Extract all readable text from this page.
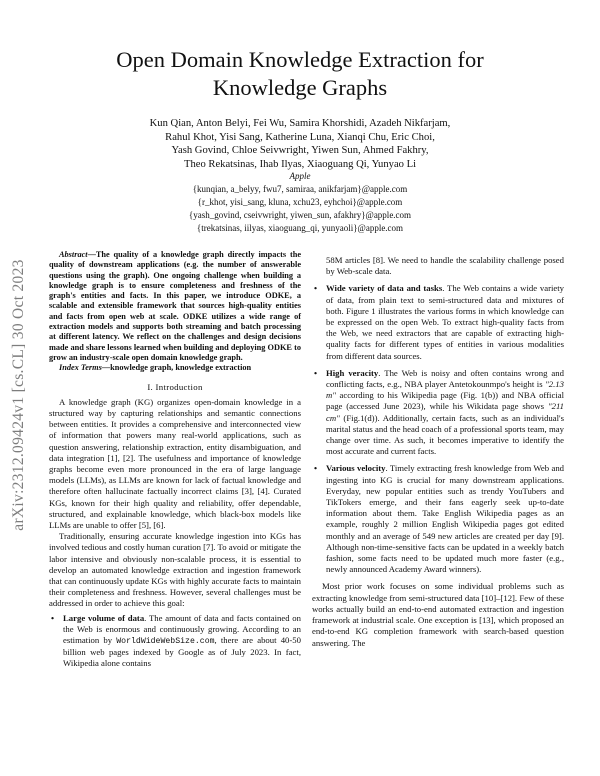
arXiv:2312.09424v1 [cs.CL] 30 Oct 2023
Open Domain Knowledge Extraction for
Knowledge Graphs
Kun Qian, Anton Belyi, Fei Wu, Samira Khorshidi, Azadeh Nikfarjam,
Rahul Khot, Yisi Sang, Katherine Luna, Xianqi Chu, Eric Choi,
Yash Govind, Chloe Seivwright, Yiwen Sun, Ahmed Fakhry,
Theo Rekatsinas, Ihab Ilyas, Xiaoguang Qi, Yunyao Li
Apple
{kunqian, a_belyy, fwu7, samiraa, anikfarjam}@apple.com
{r_khot, yisi_sang, kluna, xchu23, eyhchoi}@apple.com
{yash_govind, cseivwright, yiwen_sun, afakhry}@apple.com
{trekatsinas, iilyas, xiaoguang_qi, yunyaoli}@apple.com

Abstract—The quality of a knowledge graph directly impacts the quality of downstream applications (e.g. the number of answerable questions using the graph). One ongoing challenge when building a knowledge graph is to ensure completeness and freshness of the graph's entities and facts. In this paper, we introduce ODKE, a scalable and extensible framework that sources high-quality entities and facts from open web at scale. ODKE utilizes a wide range of extraction models and supports both streaming and batch processing at different latency. We reflect on the challenges and design decisions made and share lessons learned when building and deploying ODKE to grow an industry-scale open domain knowledge graph.

Index Terms—knowledge graph, knowledge extraction

I. Introduction

A knowledge graph (KG) organizes open-domain knowledge in a structured way by capturing relationships and semantic connections between entities. It provides a comprehensive and interconnected view of information that powers many real-world applications, such as question answering, relationship extraction, entity disambiguation, and data integration [1], [2]. The usefulness and importance of knowledge graphs become even more pronounced in the era of large language models (LLMs), as LLMs are known for lack of factual knowledge and therefore often hallucinate factually incorrect claims [3], [4]. Curated KGs, known for their high quality and reliability, offer dependable, structured, and explainable knowledge, which black-box models like LLMs are unable to offer [5], [6].

Traditionally, ensuring accurate knowledge ingestion into KGs has involved tedious and costly human curation [7]. To avoid or mitigate the labor intensive and obviously non-scalable process, it is essential to develop an automated knowledge extraction and ingestion framework that can continuously update KGs with highly accurate facts to maintain their completeness and freshness. However, several challenges must be addressed in order to achieve this goal:

• Large volume of data. The amount of data and facts contained on the Web is enormous and continuously growing. According to an estimation by WorldWideWebSize.com, there are about 40-50 billion web pages indexed by Google as of July 2023. In fact, Wikipedia alone contains
58M articles [8]. We need to handle the scalability challenge posed by Web-scale data.
• Wide variety of data and tasks. The Web contains a wide variety of data, from plain text to semi-structured data and mixtures of both. Figure 1 illustrates the various forms in which knowledge can be expressed on the open Web. To extract high-quality facts from the Web, we need extractors that are capable of extracting high-quality facts for different types of entities in various modalities from different data sources.
• High veracity. The Web is noisy and often contains wrong and conflicting facts, e.g., NBA player Antetokounmpo's height is "2.13 m" according to his Wikipedia page (Fig. 1(b)) and NBA official page (accessed June 2023), while his Wikidata page shows "211 cm" (Fig.1(d)). Additionally, certain facts, such as an individual's marital status and the head coach of a professional sports team, may change over time. As such, it becomes imperative to identify the most accurate and current facts.
• Various velocity. Timely extracting fresh knowledge from Web and ingesting into KG is crucial for many downstream applications. Everyday, new popular entities such as trendy YouTubers and TikTokers emerge, and their fans eagerly seek up-to-date information about them. Take English Wikipedia pages as an example, roughly 2 million English Wikipedia pages got edited monthly and an average of 549 new articles are created per day [9]. Although non-time-sensitive facts can be updated in a weekly batch fashion, some facts need to be updated much more faster (e.g., newly announced Academy Award winners).

Most prior work focuses on some individual problems such as extracting knowledge from semi-structured data [10]–[12]. Few of these works actually build an end-to-end automated extraction and ingestion framework at industrial scale. One exception is [13], which proposed an end-to-end KG completion framework with search-based question answering. The
